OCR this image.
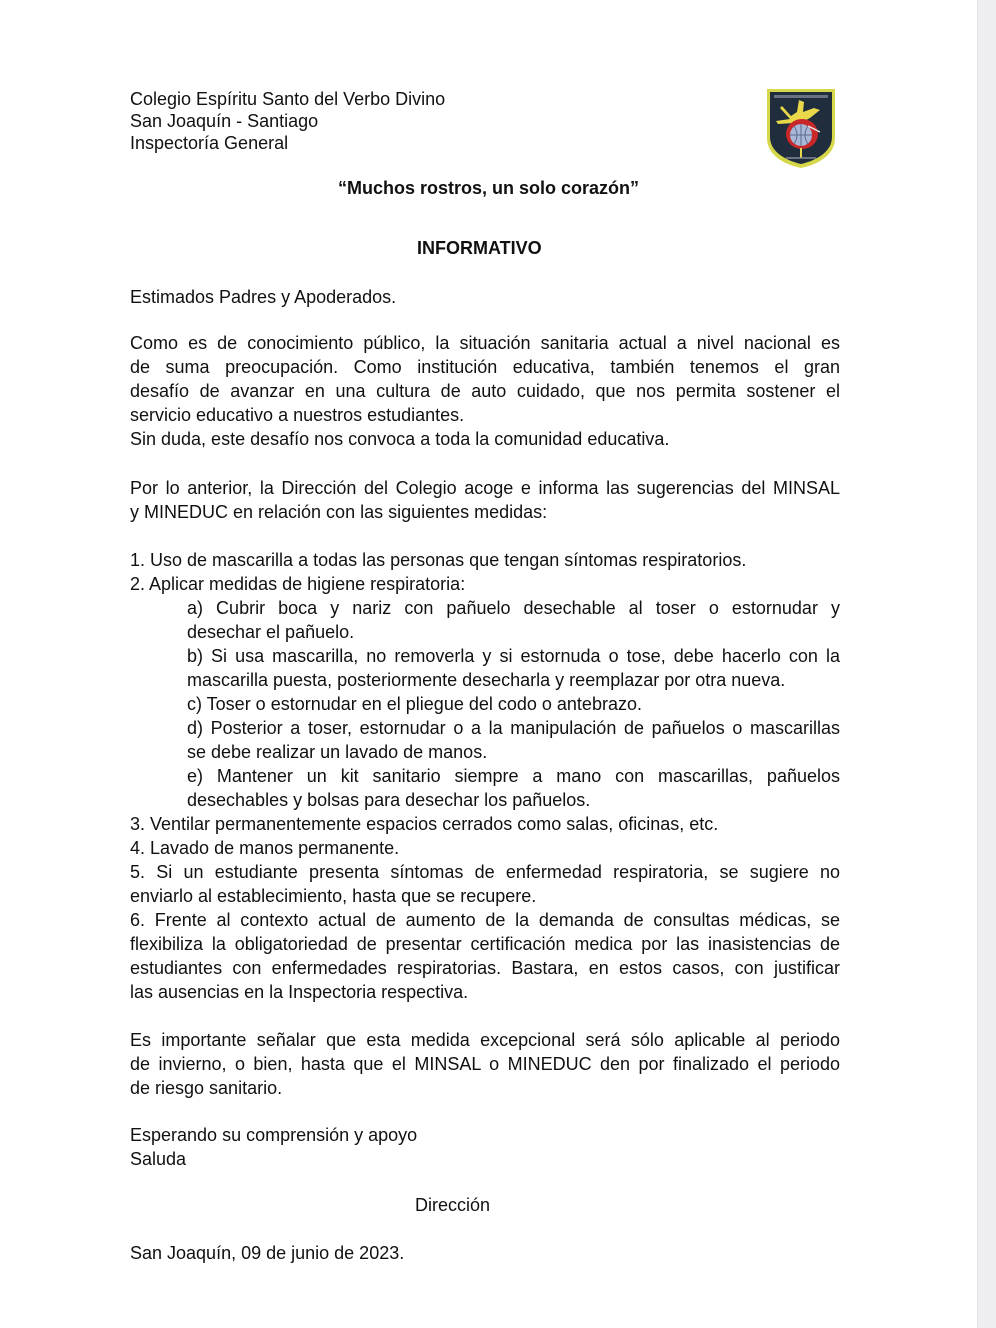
Colegio Espíritu Santo del Verbo Divino
San Joaquín - Santiago
Inspectoría General
“Muchos rostros, un solo corazón”
INFORMATIVO
Estimados Padres y Apoderados.
Como es de conocimiento público, la situación sanitaria actual a nivel nacional es
de suma preocupación. Como institución educativa, también tenemos el gran
desafío de avanzar en una cultura de auto cuidado, que nos permita sostener el
servicio educativo a nuestros estudiantes.
Sin duda, este desafío nos convoca a toda la comunidad educativa.
Por lo anterior, la Dirección del Colegio acoge e informa las sugerencias del MINSAL
y MINEDUC en relación con las siguientes medidas:
1. Uso de mascarilla a todas las personas que tengan síntomas respiratorios.
2. Aplicar medidas de higiene respiratoria:
a) Cubrir boca y nariz con pañuelo desechable al toser o estornudar y
desechar el pañuelo.
b) Si usa mascarilla, no removerla y si estornuda o tose, debe hacerlo con la
mascarilla puesta, posteriormente desecharla y reemplazar por otra nueva.
c) Toser o estornudar en el pliegue del codo o antebrazo.
d) Posterior a toser, estornudar o a la manipulación de pañuelos o mascarillas
se debe realizar un lavado de manos.
e) Mantener un kit sanitario siempre a mano con mascarillas, pañuelos
desechables y bolsas para desechar los pañuelos.
3. Ventilar permanentemente espacios cerrados como salas, oficinas, etc.
4. Lavado de manos permanente.
5. Si un estudiante presenta síntomas de enfermedad respiratoria, se sugiere no
enviarlo al establecimiento, hasta que se recupere.
6. Frente al contexto actual de aumento de la demanda de consultas médicas, se
flexibiliza la obligatoriedad de presentar certificación medica por las inasistencias de
estudiantes con enfermedades respiratorias. Bastara, en estos casos, con justificar
las ausencias en la Inspectoria respectiva.
Es importante señalar que esta medida excepcional será sólo aplicable al periodo
de invierno, o bien, hasta que el MINSAL o MINEDUC den por finalizado el periodo
de riesgo sanitario.
Esperando su comprensión y apoyo
Saluda
Dirección
San Joaquín, 09 de junio de 2023.
